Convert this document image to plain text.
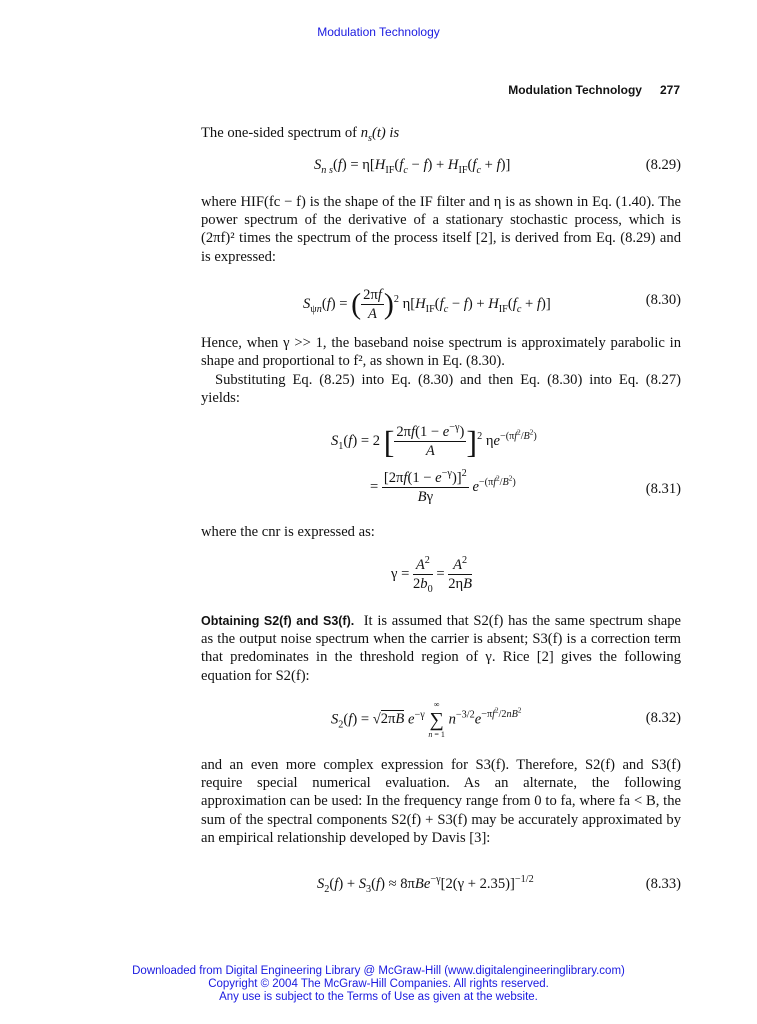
Modulation Technology
Modulation Technology 277
The one-sided spectrum of $n_s(t)$ is
$S_{n s}(f) = \eta[H_{IF}(f_c - f) + H_{IF}(f_c + f)]$	(8.29)
where HIF(fc − f) is the shape of the IF filter and η is as shown in Eq. (1.40). The power spectrum of the derivative of a stationary stochastic process, which is (2πf)² times the spectrum of the process itself [2], is derived from Eq. (8.29) and is expressed:
$S_{\psi n}(f)$ = ( $\frac{2\pi f}{A} )^2$ $\eta[H_{IF}(f_c - f) + H_{IF}(f_c + f)]$	(8.30)
Hence, when γ >> 1, the baseband noise spectrum is approximately parabolic in shape and proportional to f², as shown in Eq. (8.30).
Substituting Eq. (8.25) into Eq. (8.30) and then Eq. (8.30) into Eq. (8.27) yields:
$S_1(f) = 2$ [ $\frac{2\pi f(1 - e^{-\gamma})}{A} ]^2$ $\eta e^{-(\pi f^2/B^2)}$
= $\frac{[2\pi f(1 - e^{-\gamma})]^2}{B\gamma} e^{-(\pi f^2/B^2)}$	(8.31)
where the cnr is expressed as:
$\gamma = \frac{A^2}{2b_0} = \frac{A^2}{2\eta B}$
Obtaining S2(f) and S3(f). It is assumed that S2(f) has the same spectrum shape as the output noise spectrum when the carrier is absent; S3(f) is a correction term that predominates in the threshold region of γ. Rice [2] gives the following equation for S2(f):
$S_2(f) = √2\pi B$ $e^{-\gamma}$
∞
∑
n = 1
$n^{-3/2}e^{-\pi f^2/2nB^2}$	(8.32)
and an even more complex expression for S3(f). Therefore, S2(f) and S3(f) require special numerical evaluation. As an alternate, the following approximation can be used: In the frequency range from 0 to fa, where fa < B, the sum of the spectral components S2(f) + S3(f) may be accurately approximated by an empirical relationship developed by Davis [3]:
$S_2(f) + S_3(f) \approx 8\pi Be^{-\gamma}[2(\gamma + 2.35)]^{-1/2}$	(8.33)
Downloaded from Digital Engineering Library @ McGraw-Hill (www.digitalengineeringlibrary.com)
Copyright © 2004 The McGraw-Hill Companies. All rights reserved.
Any use is subject to the Terms of Use as given at the website.
